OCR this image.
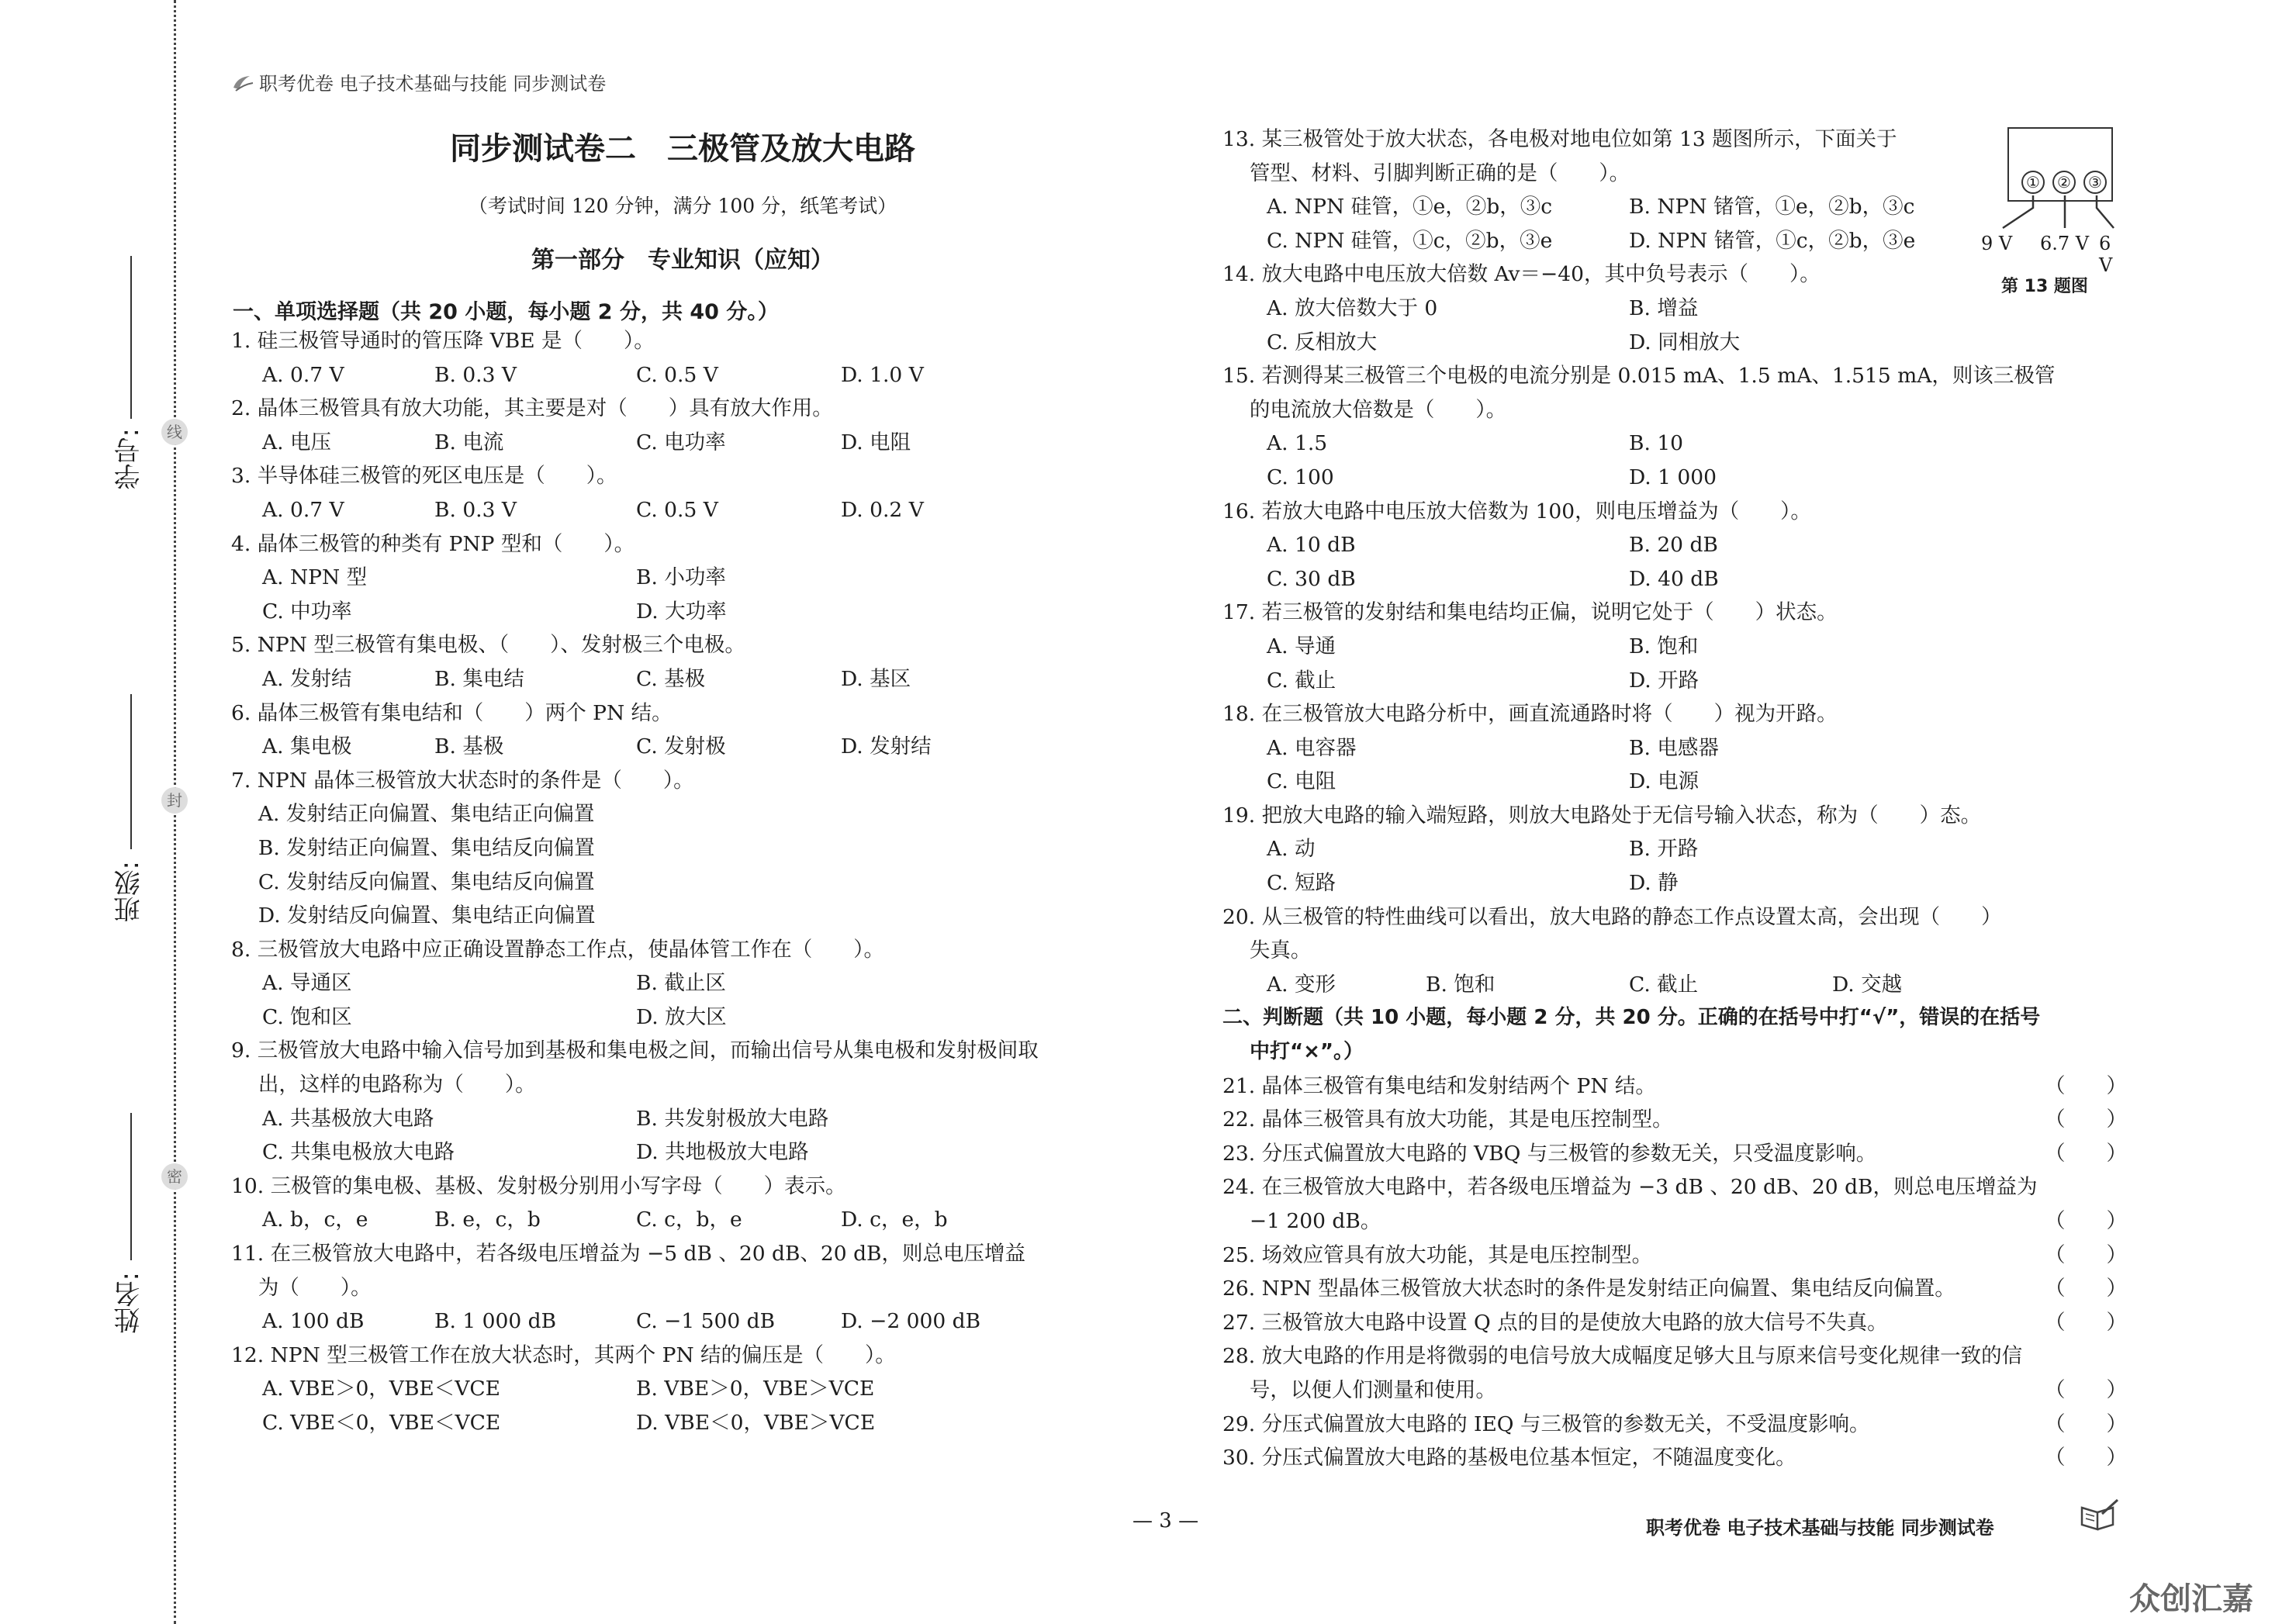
学号:	线
班级:
封
姓名:
密
职考优卷 电子技术基础与技能 同步测试卷
同步测试卷二　三极管及放大电路
（考试时间 120 分钟，满分 100 分，纸笔考试）
第一部分　专业知识（应知）
一、单项选择题（共 20 小题，每小题 2 分，共 40 分。）
1. 硅三极管导通时的管压降 VBE 是（　　）。
A. 0.7 V	B. 0.3 V	C. 0.5 V	D. 1.0 V
2. 晶体三极管具有放大功能，其主要是对（　　）具有放大作用。
A. 电压	B. 电流	C. 电功率	D. 电阻
3. 半导体硅三极管的死区电压是（　　）。
A. 0.7 V	B. 0.3 V	C. 0.5 V	D. 0.2 V
4. 晶体三极管的种类有 PNP 型和（　　）。
A. NPN 型	B. 小功率
C. 中功率	D. 大功率
5. NPN 型三极管有集电极、（　　）、发射极三个电极。
A. 发射结	B. 集电结	C. 基极	D. 基区
6. 晶体三极管有集电结和（　　）两个 PN 结。
A. 集电极	B. 基极	C. 发射极	D. 发射结
7. NPN 晶体三极管放大状态时的条件是（　　）。
　 A. 发射结正向偏置、集电结正向偏置
　 B. 发射结正向偏置、集电结反向偏置
　 C. 发射结反向偏置、集电结反向偏置
　 D. 发射结反向偏置、集电结正向偏置
8. 三极管放大电路中应正确设置静态工作点，使晶体管工作在（　　）。
A. 导通区	B. 截止区
C. 饱和区	D. 放大区
9. 三极管放大电路中输入信号加到基极和集电极之间，而输出信号从集电极和发射极间取
　 出，这样的电路称为（　　）。
A. 共基极放大电路	B. 共发射极放大电路
C. 共集电极放大电路	D. 共地极放大电路
10. 三极管的集电极、基极、发射极分别用小写字母（　　）表示。
A. b，c，e	B. e，c，b	C. c，b，e	D. c，e，b
11. 在三极管放大电路中，若各级电压增益为 −5 dB 、20 dB、20 dB，则总电压增益
　 为（　　）。
A. 100 dB	B. 1 000 dB	C. −1 500 dB	D. −2 000 dB
12. NPN 型三极管工作在放大状态时，其两个 PN 结的偏压是（　　）。
A. VBE＞0，VBE＜VCE	B. VBE＞0，VBE＞VCE
C. VBE＜0，VBE＜VCE	D. VBE＜0，VBE＞VCE
13. 某三极管处于放大状态，各电极对地电位如第 13 题图所示，下面关于
　 管型、材料、引脚判断正确的是（　　）。
A. NPN 硅管，①e，②b，③c	B. NPN 锗管，①e，②b，③c
C. NPN 硅管，①c，②b，③e	D. NPN 锗管，①c，②b，③e
14. 放大电路中电压放大倍数 Av＝−40，其中负号表示（　　）。
A. 放大倍数大于 0	B. 增益
C. 反相放大	D. 同相放大
15. 若测得某三极管三个电极的电流分别是 0.015 mA、1.5 mA、1.515 mA，则该三极管
　 的电流放大倍数是（　　）。
A. 1.5	B. 10
C. 100	D. 1 000
16. 若放大电路中电压放大倍数为 100，则电压增益为（　　）。
A. 10 dB	B. 20 dB
C. 30 dB	D. 40 dB
17. 若三极管的发射结和集电结均正偏，说明它处于（　　）状态。
A. 导通	B. 饱和
C. 截止	D. 开路
18. 在三极管放大电路分析中，画直流通路时将（　　）视为开路。
A. 电容器	B. 电感器
C. 电阻	D. 电源
19. 把放大电路的输入端短路，则放大电路处于无信号输入状态，称为（　　）态。
A. 动	B. 开路
C. 短路	D. 静
20. 从三极管的特性曲线可以看出，放大电路的静态工作点设置太高，会出现（　　）
　 失真。
A. 变形	B. 饱和	C. 截止	D. 交越
二、判断题（共 10 小题，每小题 2 分，共 20 分。正确的在括号中打“√”，错误的在括号
　 中打“×”。）
21. 晶体三极管有集电结和发射结两个 PN 结。	（　　）
22. 晶体三极管具有放大功能，其是电压控制型。	（　　）
23. 分压式偏置放大电路的 VBQ 与三极管的参数无关，只受温度影响。	（　　）
24. 在三极管放大电路中，若各级电压增益为 −3 dB 、20 dB、20 dB，则总电压增益为
　 −1 200 dB。	（　　）
25. 场效应管具有放大功能，其是电压控制型。	（　　）
26. NPN 型晶体三极管放大状态时的条件是发射结正向偏置、集电结反向偏置。	（　　）
27. 三极管放大电路中设置 Q 点的目的是使放大电路的放大信号不失真。	（　　）
28. 放大电路的作用是将微弱的电信号放大成幅度足够大且与原来信号变化规律一致的信
　 号，以便人们测量和使用。	（　　）
29. 分压式偏置放大电路的 IEQ 与三极管的参数无关，不受温度影响。	（　　）
30. 分压式偏置放大电路的基极电位基本恒定，不随温度变化。	（　　）
①	②	③
9 V 6.7 V 6 V
第 13 题图
— 3 —	职考优卷 电子技术基础与技能 同步测试卷
众创汇嘉
